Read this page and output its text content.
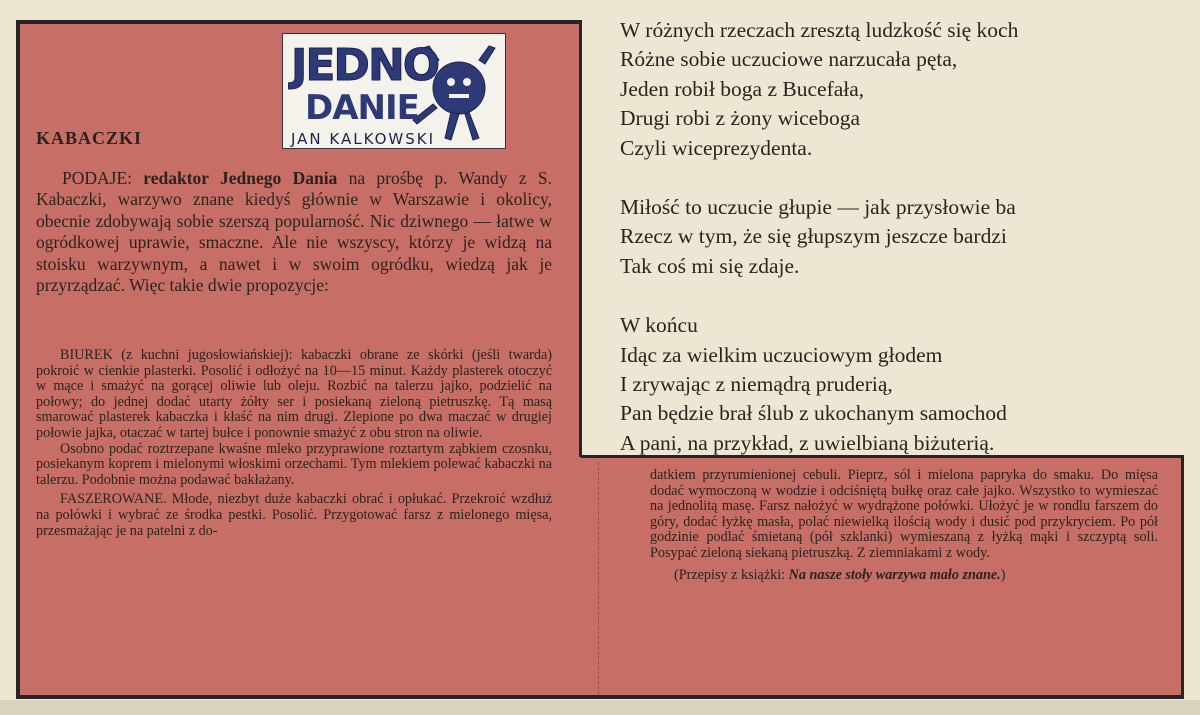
W różnych rzeczach zresztą ludzkość się koch
Różne sobie uczuciowe narzucała pęta,
Jeden robił boga z Bucefała,
Drugi robi z żony wiceboga
Czyli wiceprezydenta.
Miłość to uczucie głupie — jak przysłowie ba
Rzecz w tym, że się głupszym jeszcze bardzi
Tak coś mi się zdaje.
W końcu
Idąc za wielkim uczuciowym głodem
I zrywając z niemądrą pruderią,
Pan będzie brał ślub z ukochanym samochod
A pani, na przykład, z uwielbianą biżuterią.
JEDNO
DANIE
JAN KALKOWSKI
KABACZKI

PODAJE: redaktor Jednego Dania na prośbę p. Wandy z S. Kabaczki, warzywo znane kiedyś głównie w Warszawie i okolicy, obecnie zdobywają sobie szerszą popularność. Nic dziwnego — łatwe w ogródkowej uprawie, smaczne. Ale nie wszyscy, którzy je widzą na stoisku warzywnym, a nawet i w swoim ogródku, wiedzą jak je przyrządzać. Więc takie dwie propozycje:

BIUREK (z kuchni jugosłowiańskiej): kabaczki obrane ze skórki (jeśli twarda) pokroić w cienkie plasterki. Posolić i odłożyć na 10—15 minut. Każdy plasterek otoczyć w mące i smażyć na gorącej oliwie lub oleju. Rozbić na talerzu jajko, podzielić na połowy; do jednej dodać utarty żółty ser i posiekaną zieloną pietruszkę. Tą masą smarować plasterek kabaczka i kłaść na nim drugi. Zlepione po dwa maczać w drugiej połowie jajka, otaczać w tartej bułce i ponownie smażyć z obu stron na oliwie.

Osobno podać roztrzepane kwaśne mleko przyprawione roztartym ząbkiem czosnku, posiekanym koprem i mielonymi włoskimi orzechami. Tym mlekiem polewać kabaczki na talerzu. Podobnie można podawać bakłażany.

FASZEROWANE. Młode, niezbyt duże kabaczki obrać i opłukać. Przekroić wzdłuż na połówki i wybrać ze środka pestki. Posolić. Przygotować farsz z mielonego mięsa, przesmażając je na patelni z do-

datkiem przyrumienionej cebuli. Pieprz, sól i mielona papryka do smaku. Do mięsa dodać wymoczoną w wodzie i odciśniętą bułkę oraz całe jajko. Wszystko to wymieszać na jednolitą masę. Farsz nałożyć w wydrążone połówki. Ułożyć je w rondlu farszem do góry, dodać łyżkę masła, polać niewielką ilością wody i dusić pod przykryciem. Po pół godzinie podlać śmietaną (pół szklanki) wymieszaną z łyżką mąki i szczyptą soli. Posypać zieloną siekaną pietruszką. Z ziemniakami z wody.

(Przepisy z książki: Na nasze stoły warzywa mało znane.)
